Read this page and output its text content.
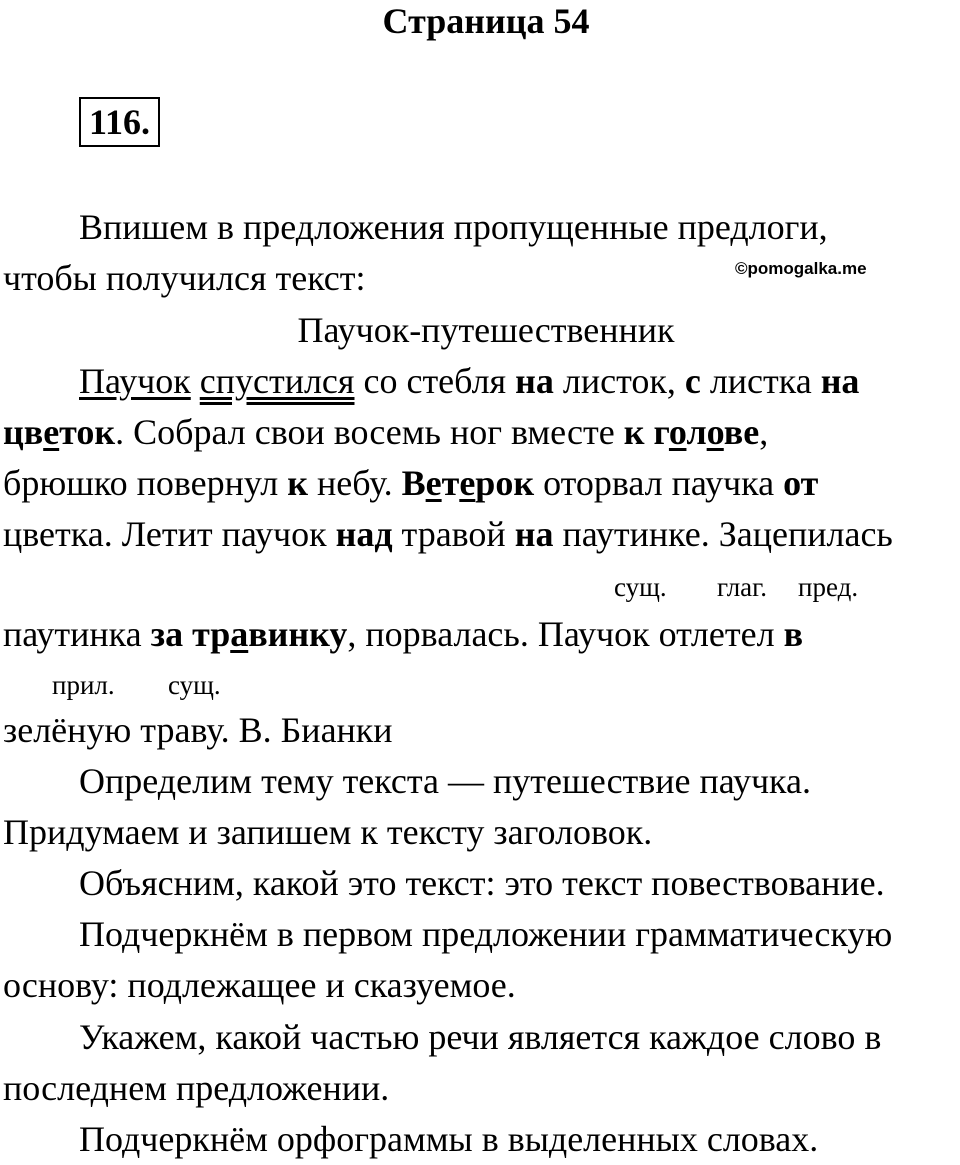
Страница 54
116.
Впишем в предложения пропущенные предлоги,
чтобы получился текст:	©pomogalka.me
Паучок-путешественник
Паучок спустился со стебля на листок, с листка на
цветок. Собрал свои восемь ног вместе к голове,
брюшко повернул к небу. Ветерок оторвал паучка от
цветка. Летит паучок над травой на паутинке. Зацепилась
сущ. глаг. пред.
паутинка за травинку, порвалась. Паучок отлетел в
прил. сущ.
зелёную траву. В. Бианки
Определим тему текста — путешествие паучка.
Придумаем и запишем к тексту заголовок.
Объясним, какой это текст: это текст повествование.
Подчеркнём в первом предложении грамматическую
основу: подлежащее и сказуемое.
Укажем, какой частью речи является каждое слово в
последнем предложении.
Подчеркнём орфограммы в выделенных словах.
